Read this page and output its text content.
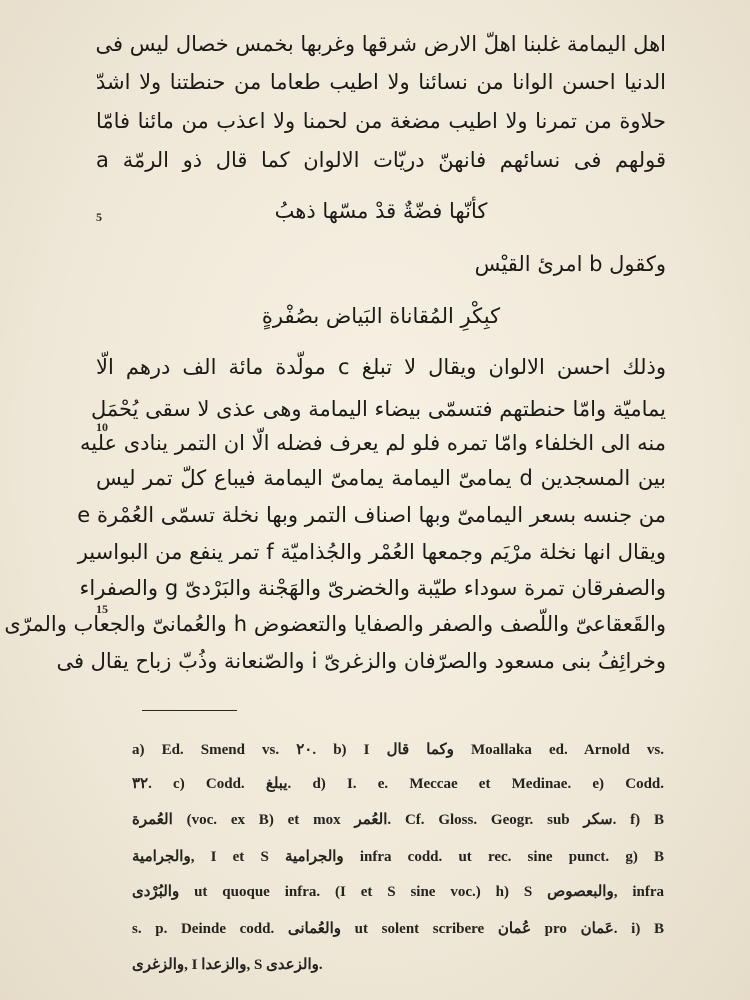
اهل اليمامة غلبنا اهلّ الارض شرقها وغربها بخمس خصال ليس فى
الدنيا احسن الوانا من نسائنا ولا اطيب طعاما من حنطتنا ولا اشدّ
حلاوة من تمرنا ولا اطيب مضغة من لحمنا ولا اعذب من مائنا فامّا
قولهم فى نسائهم فانهنّ دريّات الالوان كما قال ذو الرمّة a
كأنّها فضّةٌ قدْ مسّها ذهبُ
5
وكقول b امرئ القيْس
كبِكْرِ المُقاناة البَياض بصُفْرةٍ
وذلك احسن الالوان ويقال لا تبلغ c مولّدة مائة الف درهم الّا
يماميّة وامّا حنطتهم فتسمّى بيضاء اليمامة وهى عذى لا سقى يُحْمَل
منه الى الخلفاء وامّا تمره فلو لم يعرف فضله الّا ان التمر ينادى عليه
10
بين المسجدين d يمامىّ اليمامة يمامىّ اليمامة فيباع كلّ تمر ليس
من جنسه بسعر اليمامىّ وبها اصناف التمر وبها نخلة تسمّى العُمْرة e
ويقال انها نخلة مرْيَم وجمعها العُمْر والجُذاميّة f تمر ينفع من البواسير
والصفرقان تمرة سوداء طيّبة والخضرىّ والهَجْنة والبَرْدىّ g والصفراء
15
والقَعقاعىّ واللّصف والصفر والصفايا والتعضوض h والعُمانىّ والجعاب والمرّى
وخرائِفُ بنى مسعود والصرّفان والزغرىّ i والصّنعانة وذُبّ زباح يقال فى
a) Ed. Smend vs. ٢٠. b) I وكما قال Moallaka ed. Arnold vs.
٣٢. c) Codd. يبلغ. d) I. e. Meccae et Medinae. e) Codd.
العُمرة (voc. ex B) et mox العُمر. Cf. Gloss. Geogr. sub سكر. f) B
والجرامية, I et S والجرامية infra codd. ut rec. sine punct. g) B
والبُرْدى ut quoque infra. (I et S sine voc.) h) S والبعصوص, infra
s. p. Deinde codd. والعُمانى ut solent scribere عُمان pro عَمان. i) B
والزغرى, I والزعدا, S والزعدى.
